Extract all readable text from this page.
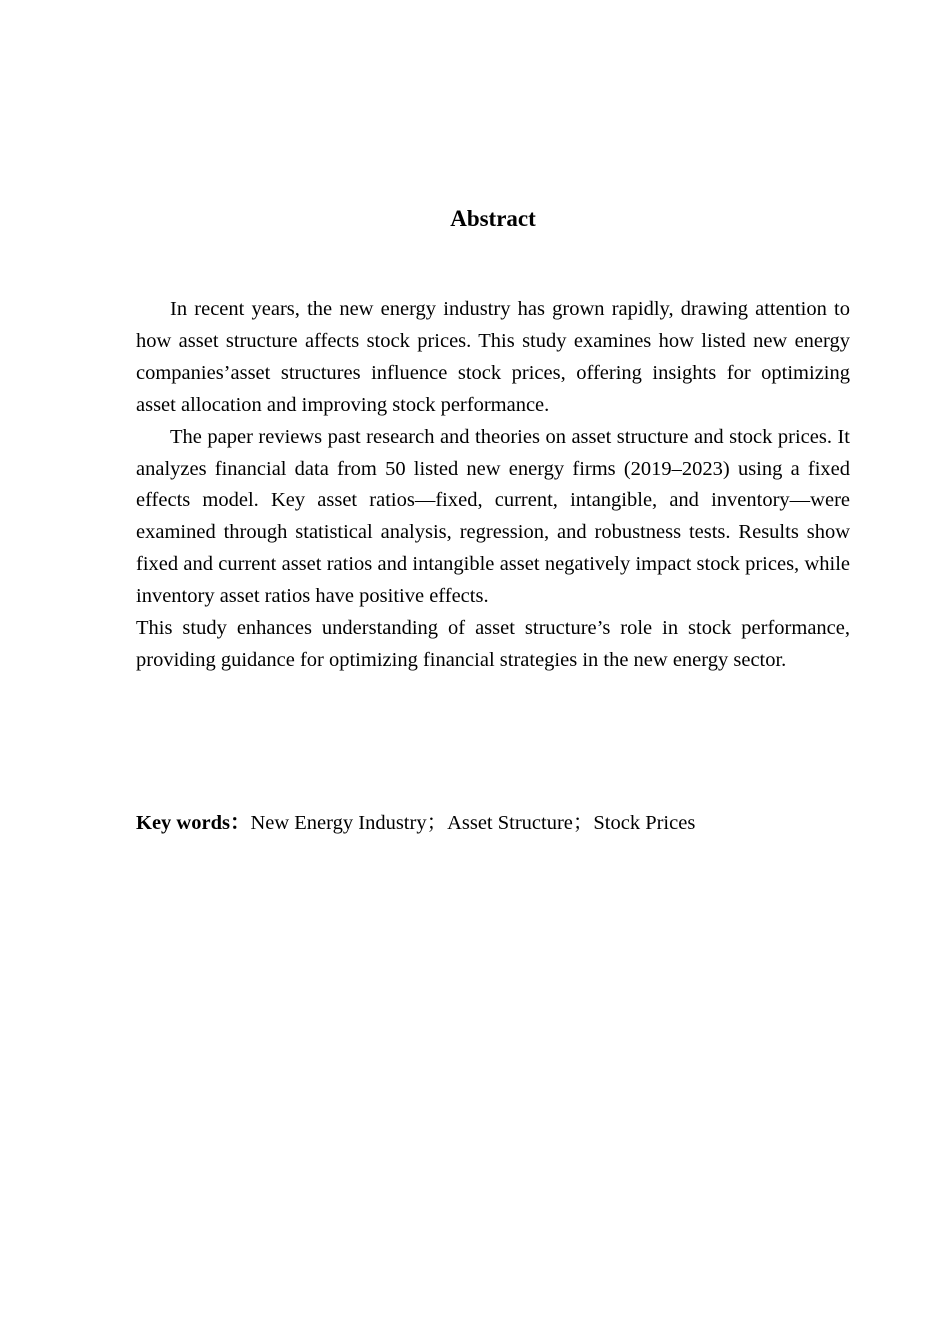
Abstract

In recent years, the new energy industry has grown rapidly, drawing attention to how asset structure affects stock prices. This study examines how listed new energy companies’asset structures influence stock prices, offering insights for optimizing asset allocation and improving stock performance.

The paper reviews past research and theories on asset structure and stock prices. It analyzes financial data from 50 listed new energy firms (2019–2023) using a fixed effects model. Key asset ratios—fixed, current, intangible, and inventory—were examined through statistical analysis, regression, and robustness tests. Results show fixed and current asset ratios and intangible asset negatively impact stock prices, while inventory asset ratios have positive effects.

This study enhances understanding of asset structure’s role in stock performance, providing guidance for optimizing financial strategies in the new energy sector.

Key words：New Energy Industry；Asset Structure；Stock Prices
